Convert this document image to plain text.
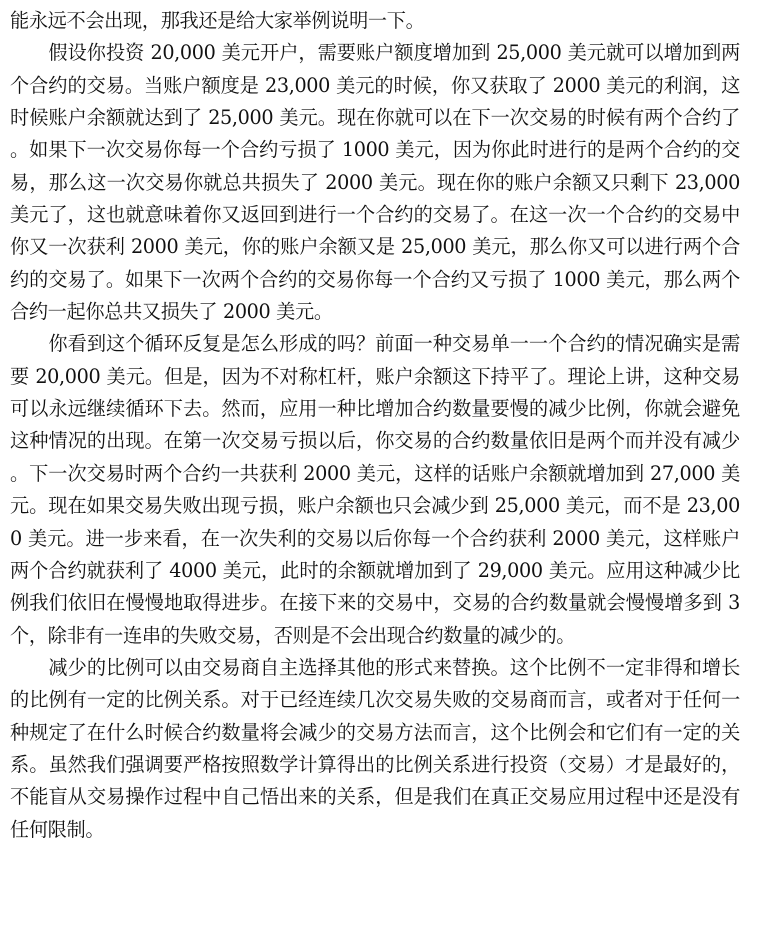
能永远不会出现，那我还是给大家举例说明一下。

假设你投资 20,000 美元开户，需要账户额度增加到 25,000 美元就可以增加到两个合约的交易。当账户额度是 23,000 美元的时候，你又获取了 2000 美元的利润，这时候账户余额就达到了 25,000 美元。现在你就可以在下一次交易的时候有两个合约了。如果下一次交易你每一个合约亏损了 1000 美元，因为你此时进行的是两个合约的交易，那么这一次交易你就总共损失了 2000 美元。现在你的账户余额又只剩下 23,000 美元了，这也就意味着你又返回到进行一个合约的交易了。在这一次一个合约的交易中你又一次获利 2000 美元，你的账户余额又是 25,000 美元，那么你又可以进行两个合约的交易了。如果下一次两个合约的交易你每一个合约又亏损了 1000 美元，那么两个合约一起你总共又损失了 2000 美元。

你看到这个循环反复是怎么形成的吗？前面一种交易单一一个合约的情况确实是需要 20,000 美元。但是，因为不对称杠杆，账户余额这下持平了。理论上讲，这种交易可以永远继续循环下去。然而，应用一种比增加合约数量要慢的减少比例，你就会避免这种情况的出现。在第一次交易亏损以后，你交易的合约数量依旧是两个而并没有减少。下一次交易时两个合约一共获利 2000 美元，这样的话账户余额就增加到 27,000 美元。现在如果交易失败出现亏损，账户余额也只会减少到 25,000 美元，而不是 23,000 美元。进一步来看，在一次失利的交易以后你每一个合约获利 2000 美元，这样账户两个合约就获利了 4000 美元，此时的余额就增加到了 29,000 美元。应用这种减少比例我们依旧在慢慢地取得进步。在接下来的交易中，交易的合约数量就会慢慢增多到 3 个，除非有一连串的失败交易，否则是不会出现合约数量的减少的。

减少的比例可以由交易商自主选择其他的形式来替换。这个比例不一定非得和增长的比例有一定的比例关系。对于已经连续几次交易失败的交易商而言，或者对于任何一种规定了在什么时候合约数量将会减少的交易方法而言，这个比例会和它们有一定的关系。虽然我们强调要严格按照数学计算得出的比例关系进行投资（交易）才是最好的，不能盲从交易操作过程中自己悟出来的关系，但是我们在真正交易应用过程中还是没有任何限制。
